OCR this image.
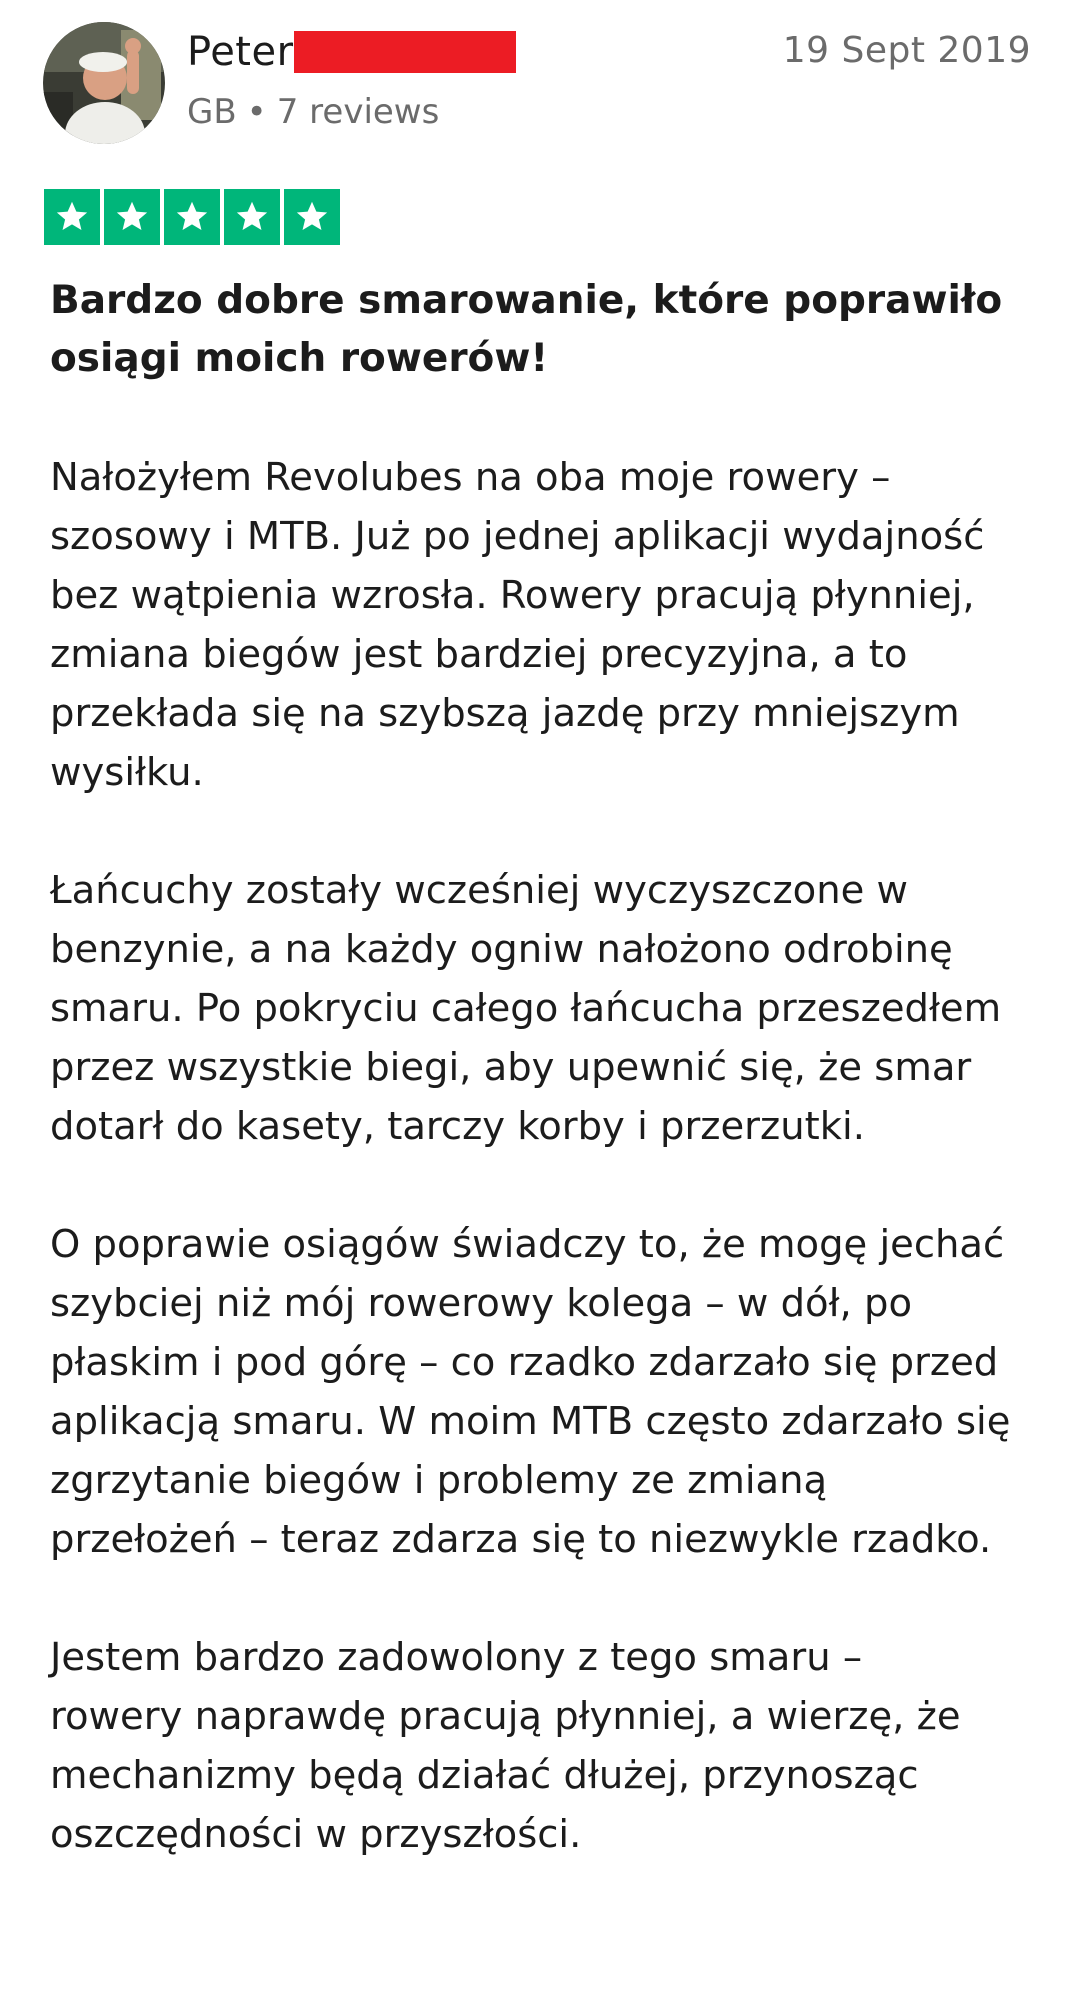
Peter	19 Sept 2019
GB • 7 reviews
Bardzo dobre smarowanie, które poprawiło
osiągi moich rowerów!

Nałożyłem Revolubes na oba moje rowery –
szosowy i MTB. Już po jednej aplikacji wydajność
bez wątpienia wzrosła. Rowery pracują płynniej,
zmiana biegów jest bardziej precyzyjna, a to
przekłada się na szybszą jazdę przy mniejszym
wysiłku.

Łańcuchy zostały wcześniej wyczyszczone w
benzynie, a na każdy ogniw nałożono odrobinę
smaru. Po pokryciu całego łańcucha przeszedłem
przez wszystkie biegi, aby upewnić się, że smar
dotarł do kasety, tarczy korby i przerzutki.

O poprawie osiągów świadczy to, że mogę jechać
szybciej niż mój rowerowy kolega – w dół, po
płaskim i pod górę – co rzadko zdarzało się przed
aplikacją smaru. W moim MTB często zdarzało się
zgrzytanie biegów i problemy ze zmianą
przełożeń – teraz zdarza się to niezwykle rzadko.

Jestem bardzo zadowolony z tego smaru –
rowery naprawdę pracują płynniej, a wierzę, że
mechanizmy będą działać dłużej, przynosząc
oszczędności w przyszłości.
